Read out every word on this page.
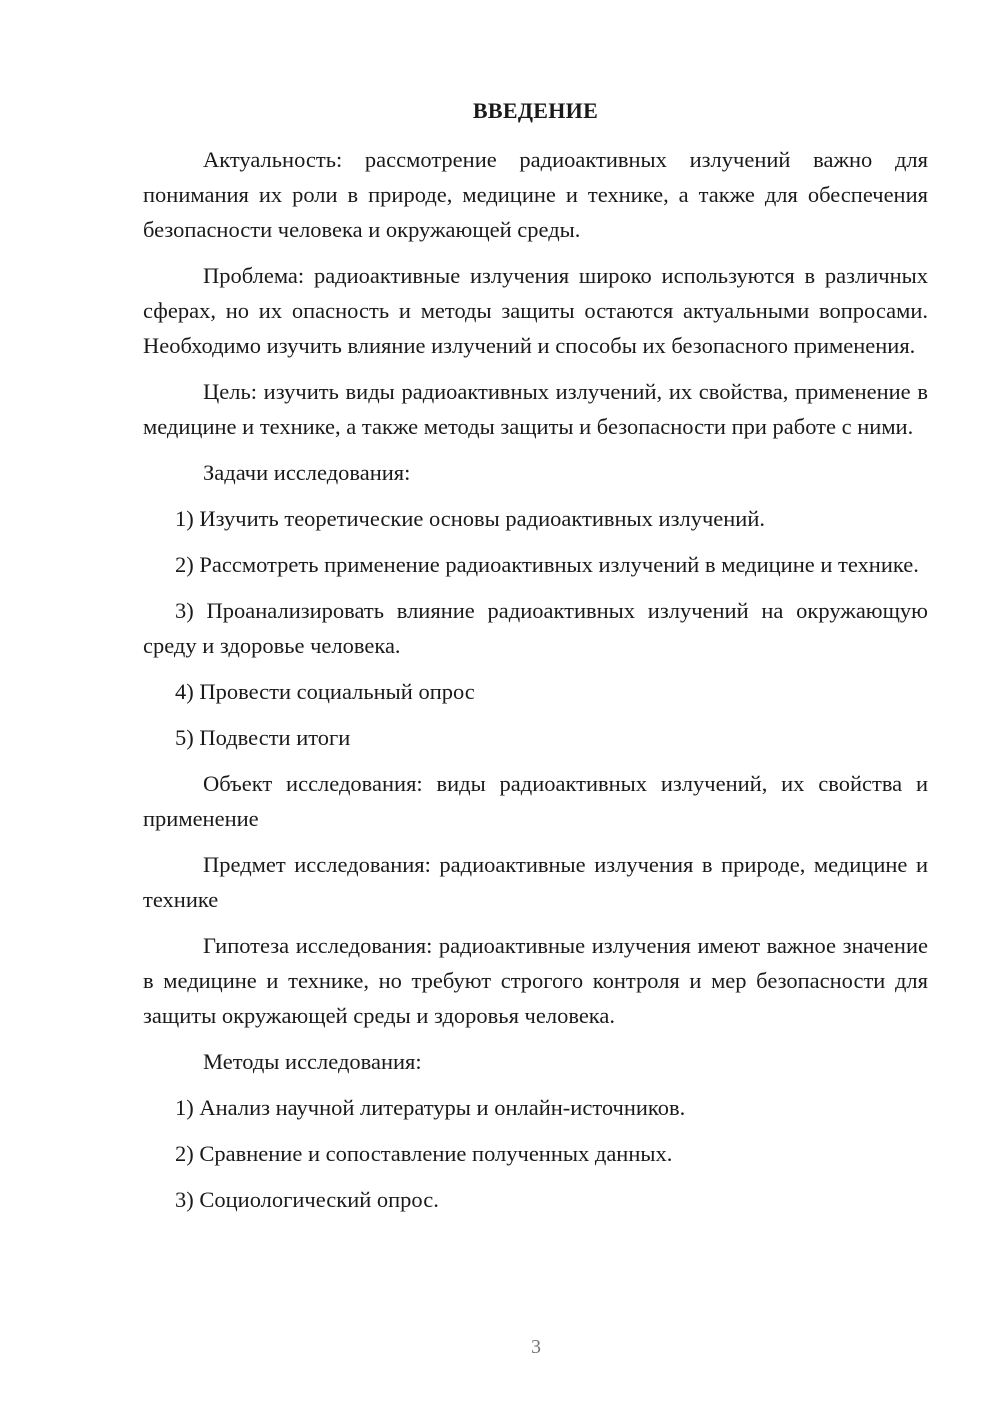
ВВЕДЕНИЕ

Актуальность: рассмотрение радиоактивных излучений важно для понимания их роли в природе, медицине и технике, а также для обеспечения безопасности человека и окружающей среды.

Проблема: радиоактивные излучения широко используются в различных сферах, но их опасность и методы защиты остаются актуальными вопросами. Необходимо изучить влияние излучений и способы их безопасного применения.

Цель: изучить виды радиоактивных излучений, их свойства, применение в медицине и технике, а также методы защиты и безопасности при работе с ними.

Задачи исследования:

1) Изучить теоретические основы радиоактивных излучений.

2) Рассмотреть применение радиоактивных излучений в медицине и технике.

3) Проанализировать влияние радиоактивных излучений на окружающую среду и здоровье человека.

4) Провести социальный опрос

5) Подвести итоги

Объект исследования: виды радиоактивных излучений, их свойства и применение

Предмет исследования: радиоактивные излучения в природе, медицине и технике

Гипотеза исследования: радиоактивные излучения имеют важное значение в медицине и технике, но требуют строгого контроля и мер безопасности для защиты окружающей среды и здоровья человека.

Методы исследования:

1) Анализ научной литературы и онлайн-источников.

2) Сравнение и сопоставление полученных данных.

3) Социологический опрос.

3
